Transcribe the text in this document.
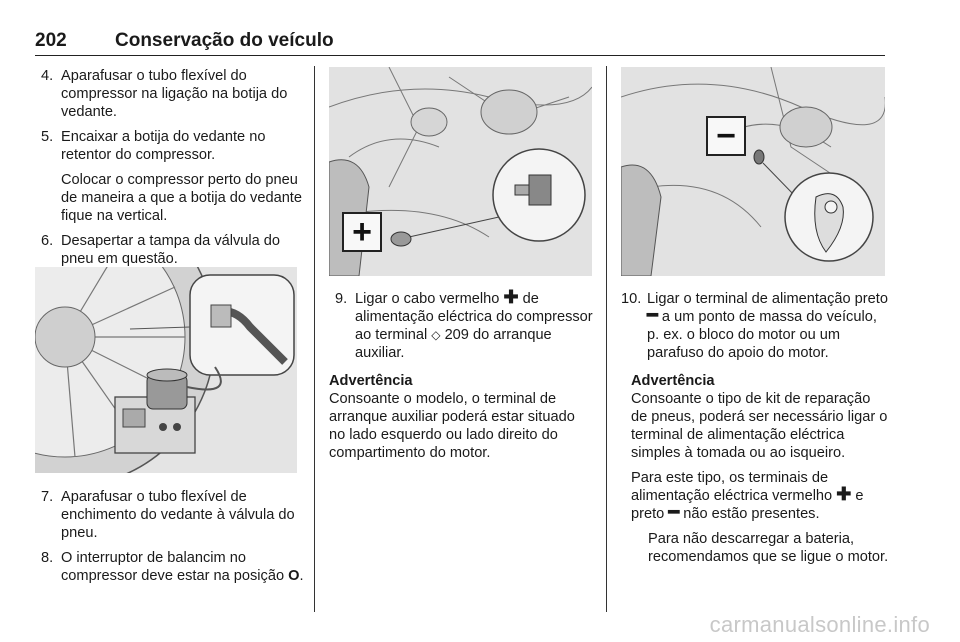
202	Conservação do veículo
4. Aparafusar o tubo flexível do compressor na ligação na botija do vedante.

5. Encaixar a botija do vedante no retentor do compressor.

Colocar o compressor perto do pneu de maneira a que a botija do vedante fique na vertical.

6. Desapertar a tampa da válvula do pneu em questão.

7. Aparafusar o tubo flexível de enchimento do vedante à válvula do pneu.

8. O interruptor de balancim no compressor deve estar na posição O.

+
9. Ligar o cabo vermelho ✚ de alimentação eléctrica do compressor ao terminal ◇ 209 do arranque auxiliar.

Advertência
Consoante o modelo, o terminal de arranque auxiliar poderá estar situado no lado esquerdo ou lado direito do compartimento do motor.
−
10. Ligar o terminal de alimentação preto ━ a um ponto de massa do veículo, p. ex. o bloco do motor ou um parafuso do apoio do motor.

Advertência
Consoante o tipo de kit de reparação de pneus, poderá ser necessário ligar o terminal de alimentação eléctrica simples à tomada ou ao isqueiro.
Para este tipo, os terminais de alimentação eléctrica vermelho ✚ e preto ━ não estão presentes.
Para não descarregar a bateria, recomendamos que se ligue o motor.
carmanualsonline.info
